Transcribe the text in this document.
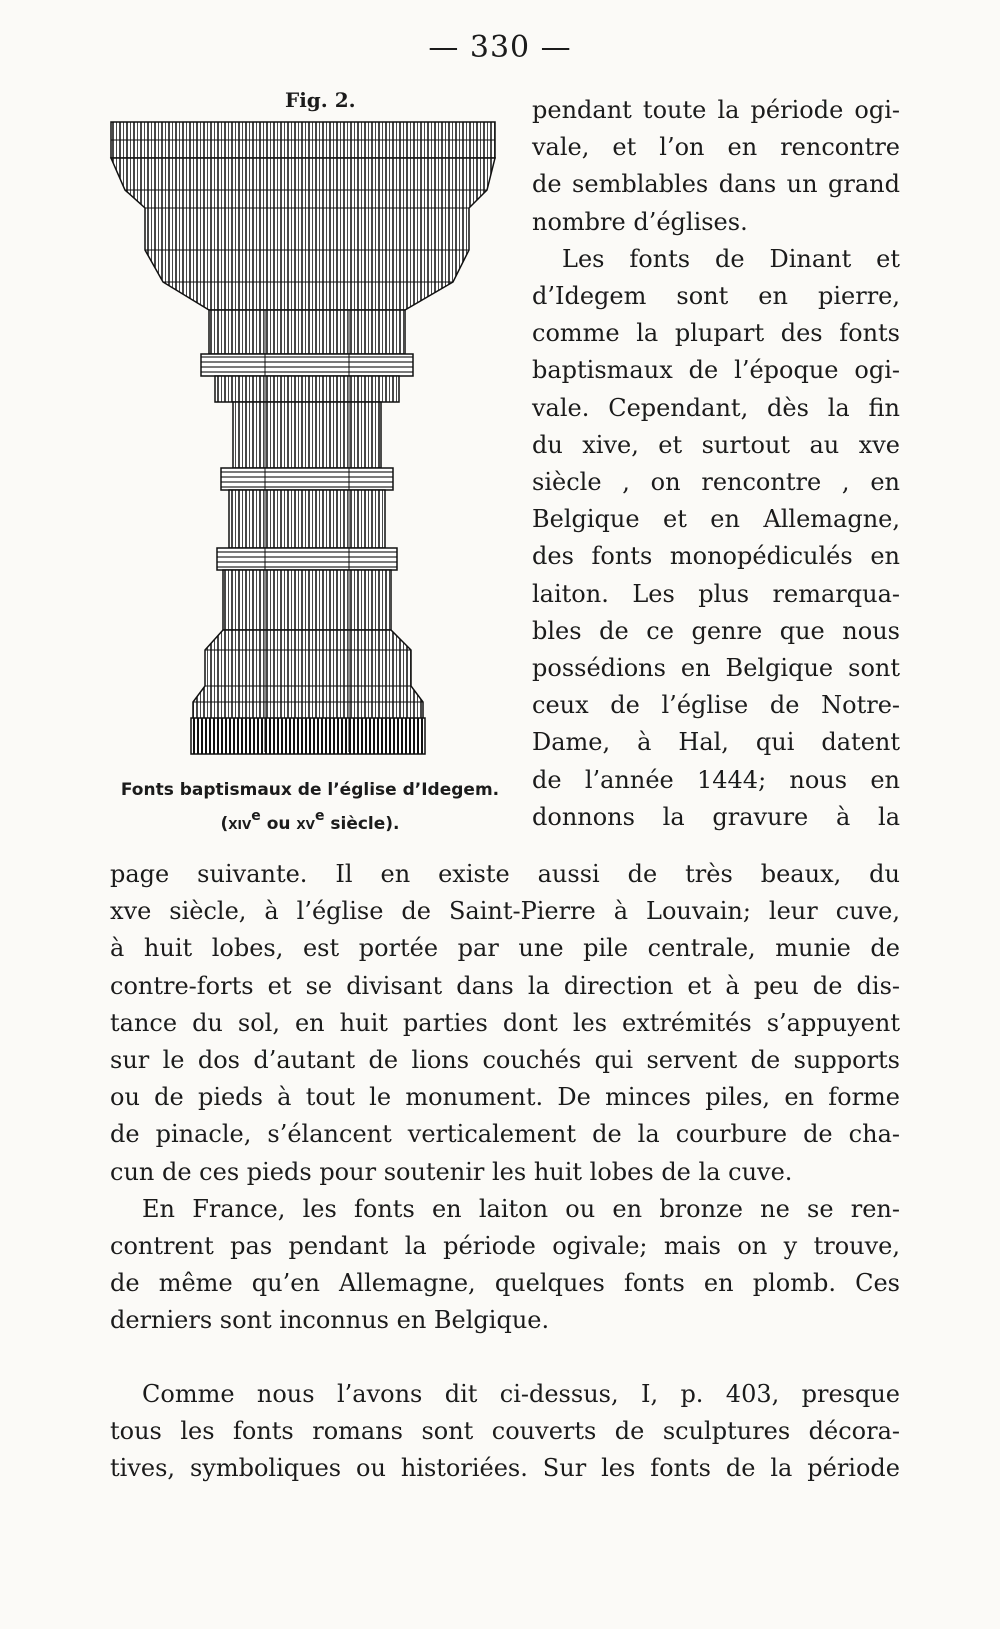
— 330 —
Fig. 2.
Fonts baptismaux de l’église d’Idegem.
(xiv$^e$ ou $xv^e$ siècle).
pendant toute la période ogi-
vale, et l’on en rencontre
de semblables dans un grand
nombre d’églises.
Les fonts de Dinant et
d’Idegem sont en pierre,
comme la plupart des fonts
baptismaux de l’époque ogi-
vale. Cependant, dès la fin
du xive, et surtout au xve
siècle , on rencontre , en
Belgique et en Allemagne,
des fonts monopédiculés en
laiton. Les plus remarqua-
bles de ce genre que nous
possédions en Belgique sont
ceux de l’église de Notre-
Dame, à Hal, qui datent
de l’année 1444; nous en
donnons la gravure à la
page suivante. Il en existe aussi de très beaux, du
xve siècle, à l’église de Saint-Pierre à Louvain; leur cuve,
à huit lobes, est portée par une pile centrale, munie de
contre-forts et se divisant dans la direction et à peu de dis-
tance du sol, en huit parties dont les extrémités s’appuyent
sur le dos d’autant de lions couchés qui servent de supports
ou de pieds à tout le monument. De minces piles, en forme
de pinacle, s’élancent verticalement de la courbure de cha-
cun de ces pieds pour soutenir les huit lobes de la cuve.
En France, les fonts en laiton ou en bronze ne se ren-
contrent pas pendant la période ogivale; mais on y trouve,
de même qu’en Allemagne, quelques fonts en plomb. Ces
derniers sont inconnus en Belgique.
Comme nous l’avons dit ci-dessus, I, p. 403, presque
tous les fonts romans sont couverts de sculptures décora-
tives, symboliques ou historiées. Sur les fonts de la période
